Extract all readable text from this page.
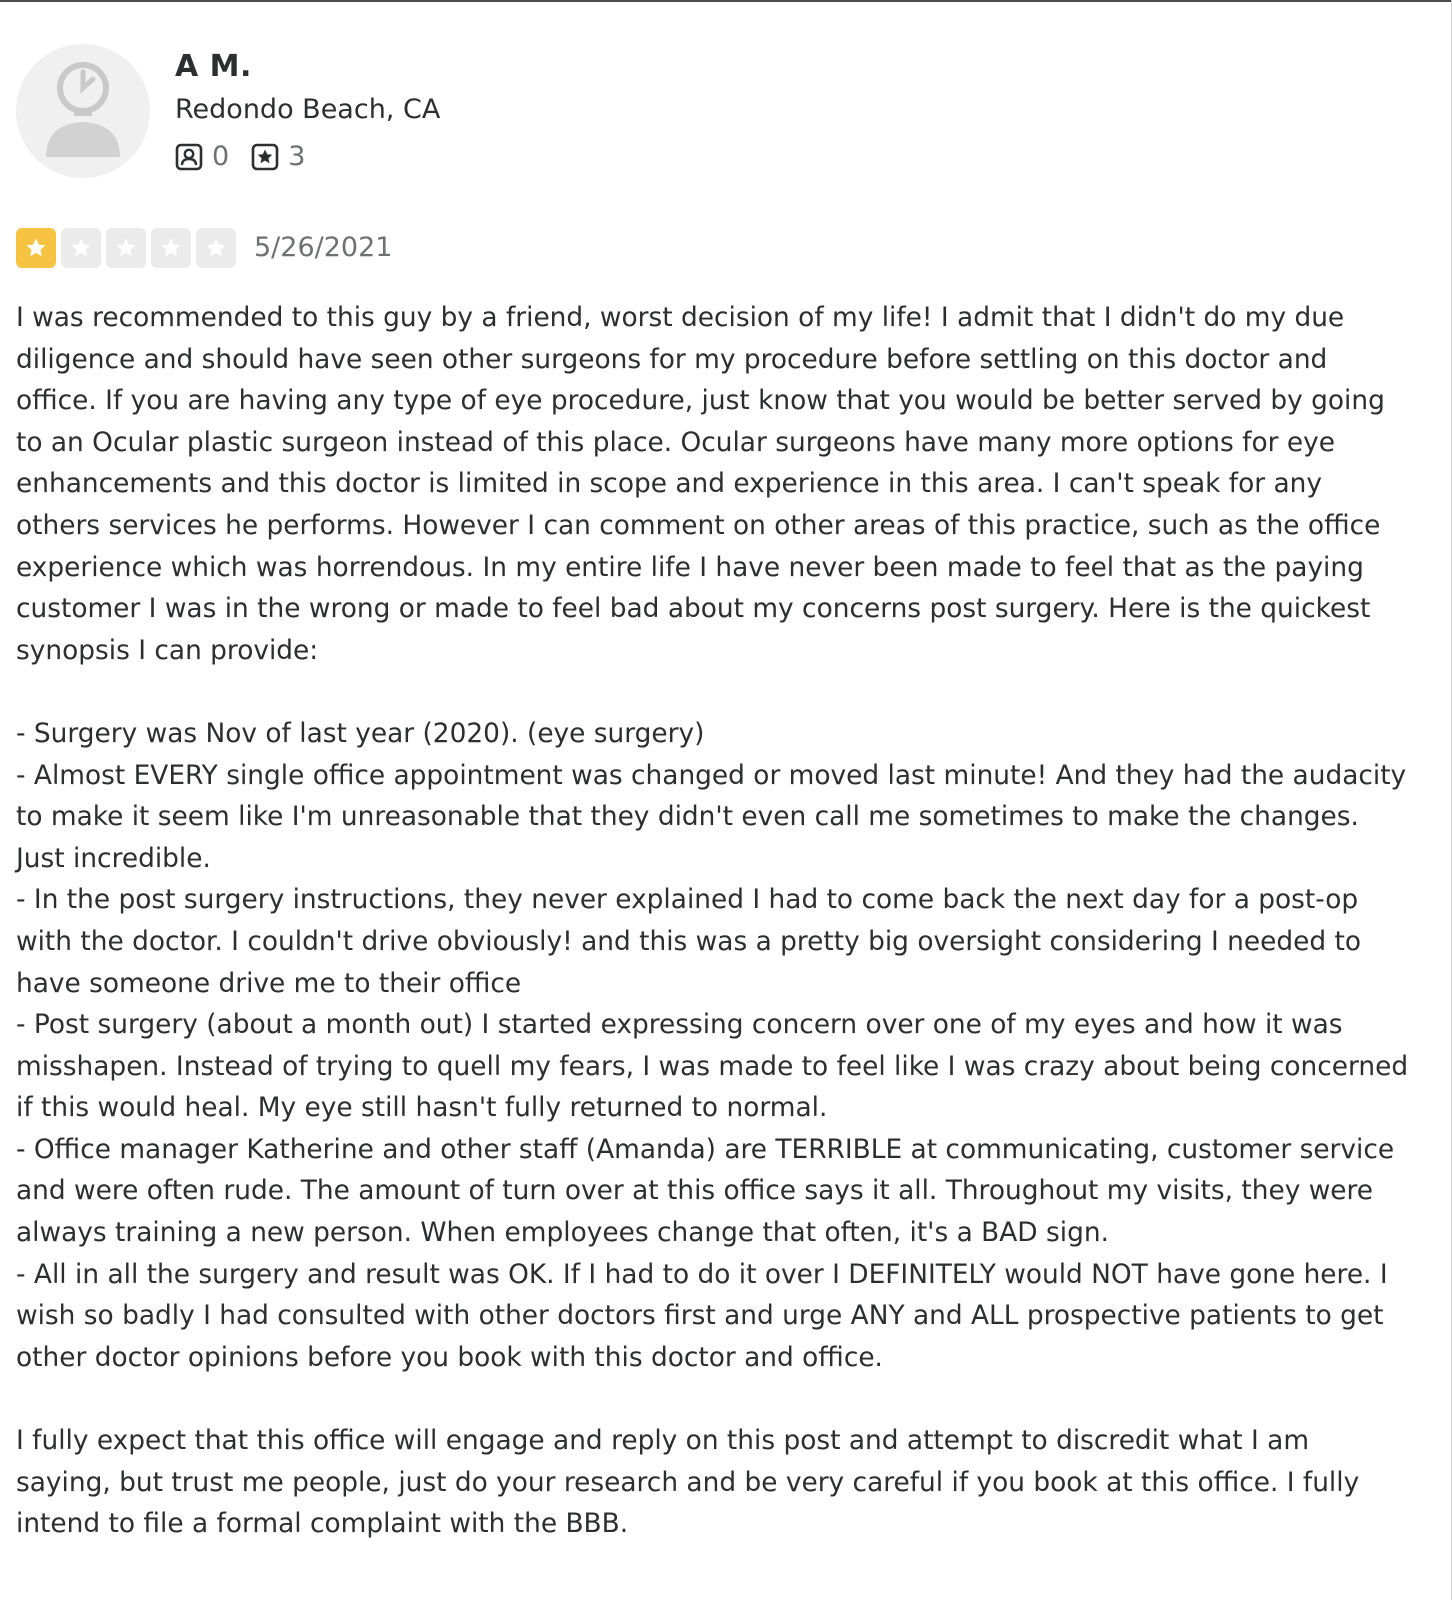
A M.
Redondo Beach, CA
0 3
5/26/2021

I was recommended to this guy by a friend, worst decision of my life! I admit that I didn't do my due diligence and should have seen other surgeons for my procedure before settling on this doctor and office. If you are having any type of eye procedure, just know that you would be better served by going to an Ocular plastic surgeon instead of this place. Ocular surgeons have many more options for eye enhancements and this doctor is limited in scope and experience in this area. I can't speak for any others services he performs. However I can comment on other areas of this practice, such as the office experience which was horrendous. In my entire life I have never been made to feel that as the paying customer I was in the wrong or made to feel bad about my concerns post surgery. Here is the quickest synopsis I can provide:

- Surgery was Nov of last year (2020). (eye surgery)

- Almost EVERY single office appointment was changed or moved last minute! And they had the audacity to make it seem like I'm unreasonable that they didn't even call me sometimes to make the changes. Just incredible.

- In the post surgery instructions, they never explained I had to come back the next day for a post-op with the doctor. I couldn't drive obviously! and this was a pretty big oversight considering I needed to have someone drive me to their office

- Post surgery (about a month out) I started expressing concern over one of my eyes and how it was misshapen. Instead of trying to quell my fears, I was made to feel like I was crazy about being concerned if this would heal. My eye still hasn't fully returned to normal.

- Office manager Katherine and other staff (Amanda) are TERRIBLE at communicating, customer service and were often rude. The amount of turn over at this office says it all. Throughout my visits, they were always training a new person. When employees change that often, it's a BAD sign.

- All in all the surgery and result was OK. If I had to do it over I DEFINITELY would NOT have gone here. I wish so badly I had consulted with other doctors first and urge ANY and ALL prospective patients to get other doctor opinions before you book with this doctor and office.

I fully expect that this office will engage and reply on this post and attempt to discredit what I am saying, but trust me people, just do your research and be very careful if you book at this office. I fully intend to file a formal complaint with the BBB.
